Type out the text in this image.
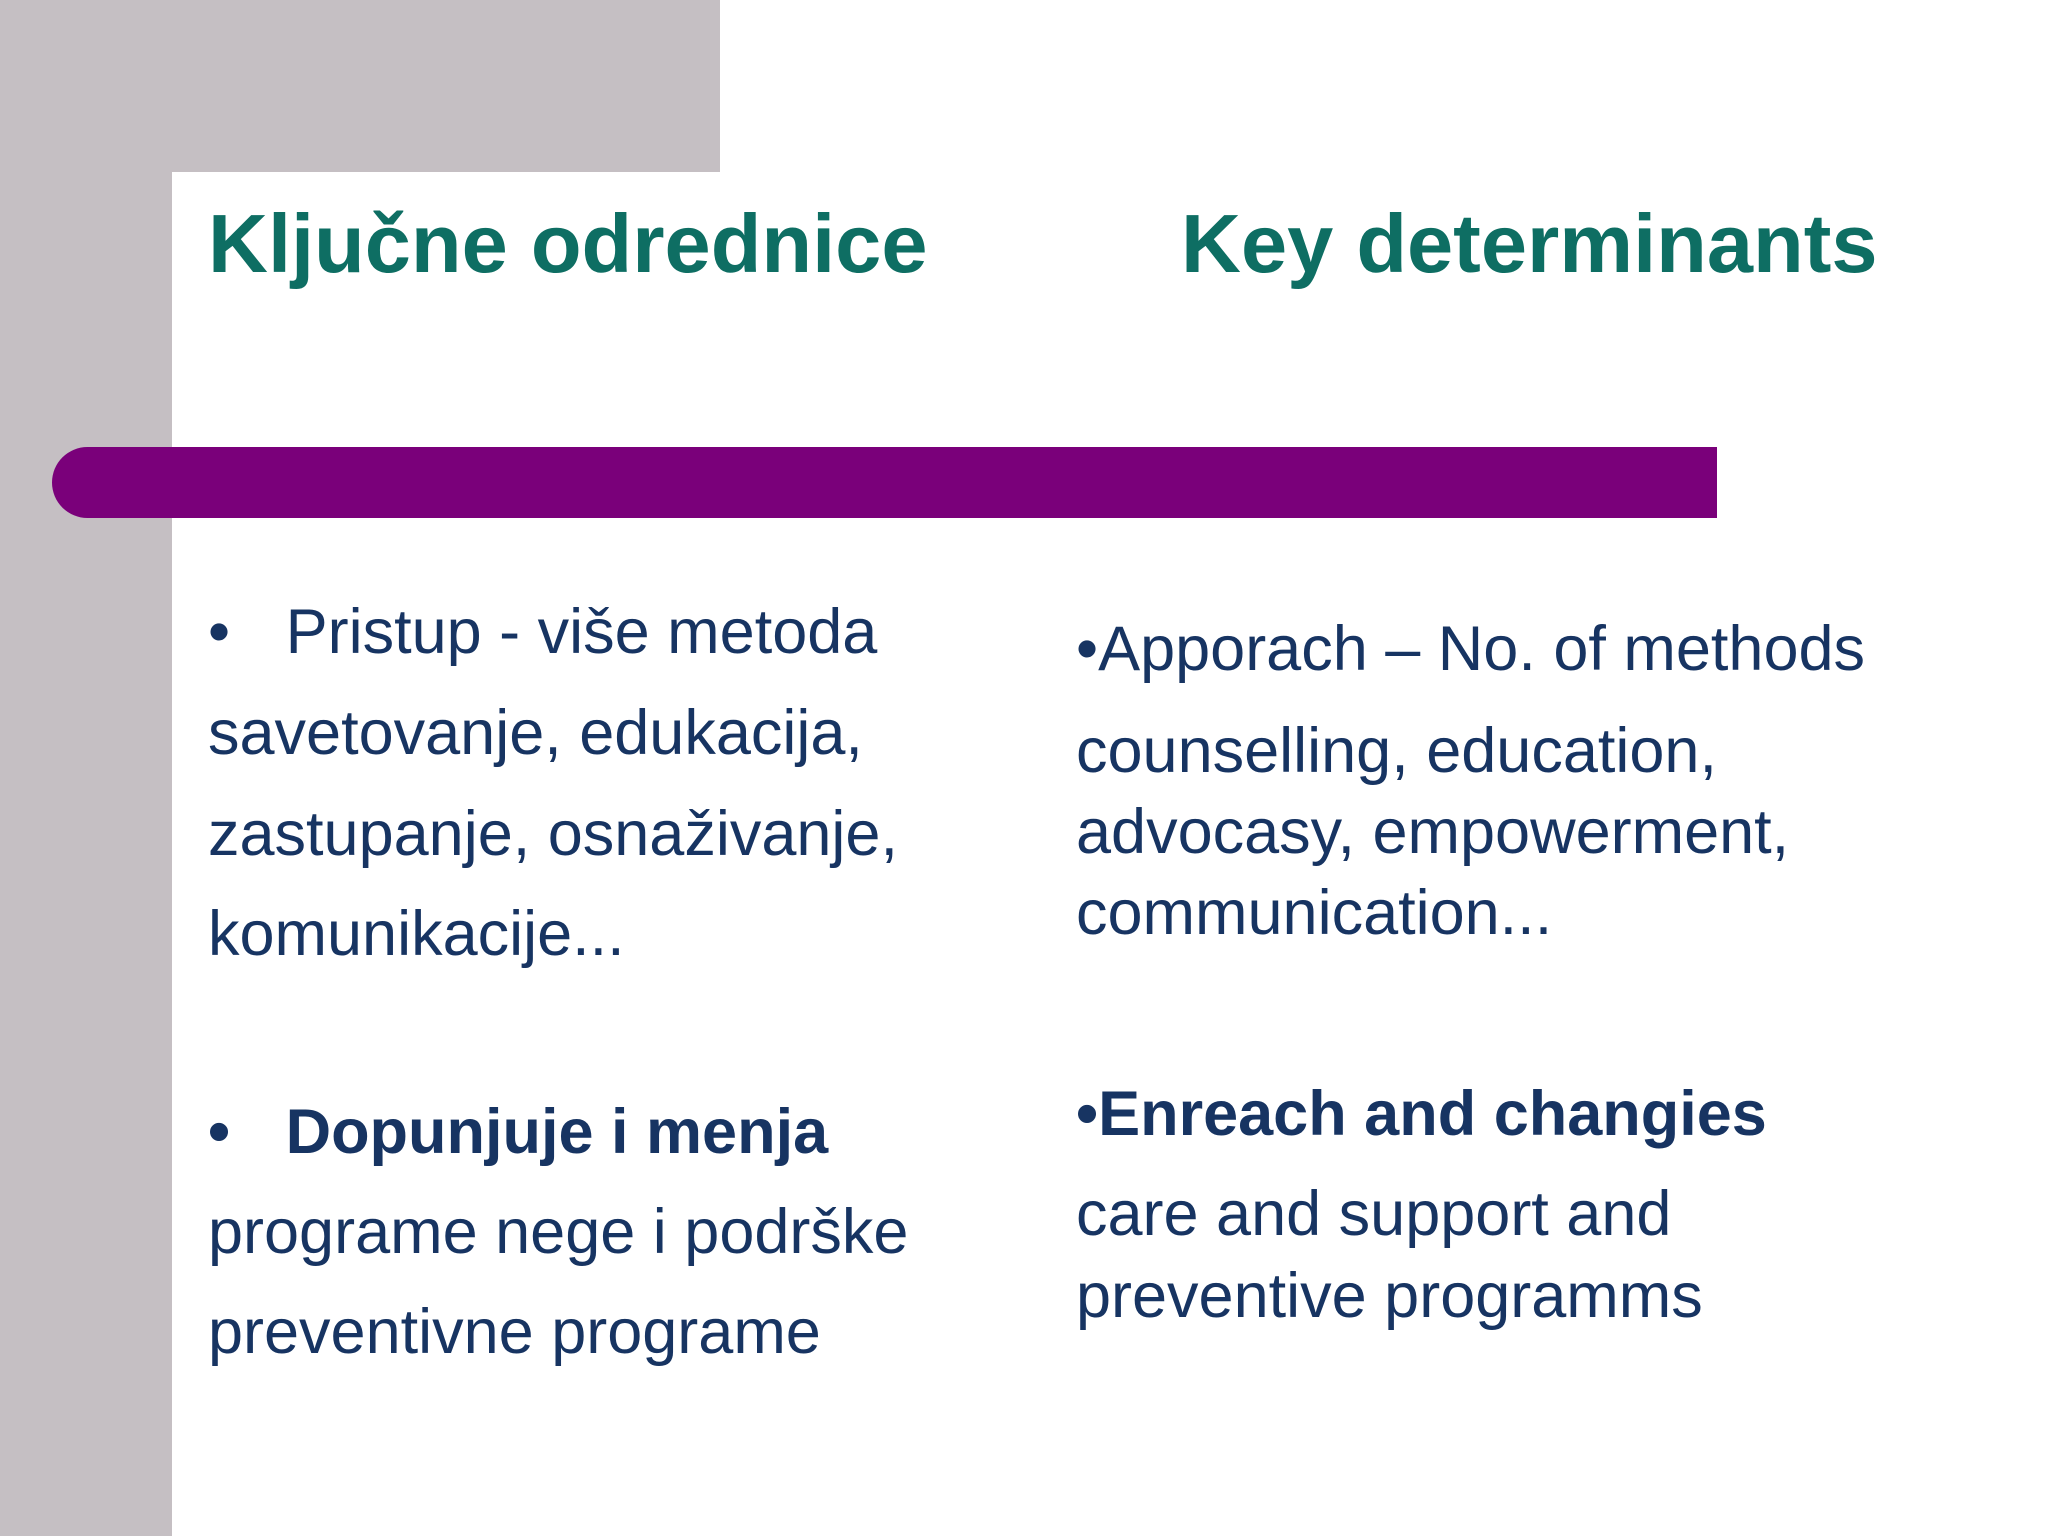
Ključne odrednice	Key determinants
• Pristup - više metoda
savetovanje, edukacija,
zastupanje, osnaživanje,
komunikacije...
• Dopunjuje i menja
programe nege i podrške
preventivne programe
•Apporach – No. of methods
counselling, education,
advocasy, empowerment,
communication...
•Enreach and changies
care and support and
preventive programms
